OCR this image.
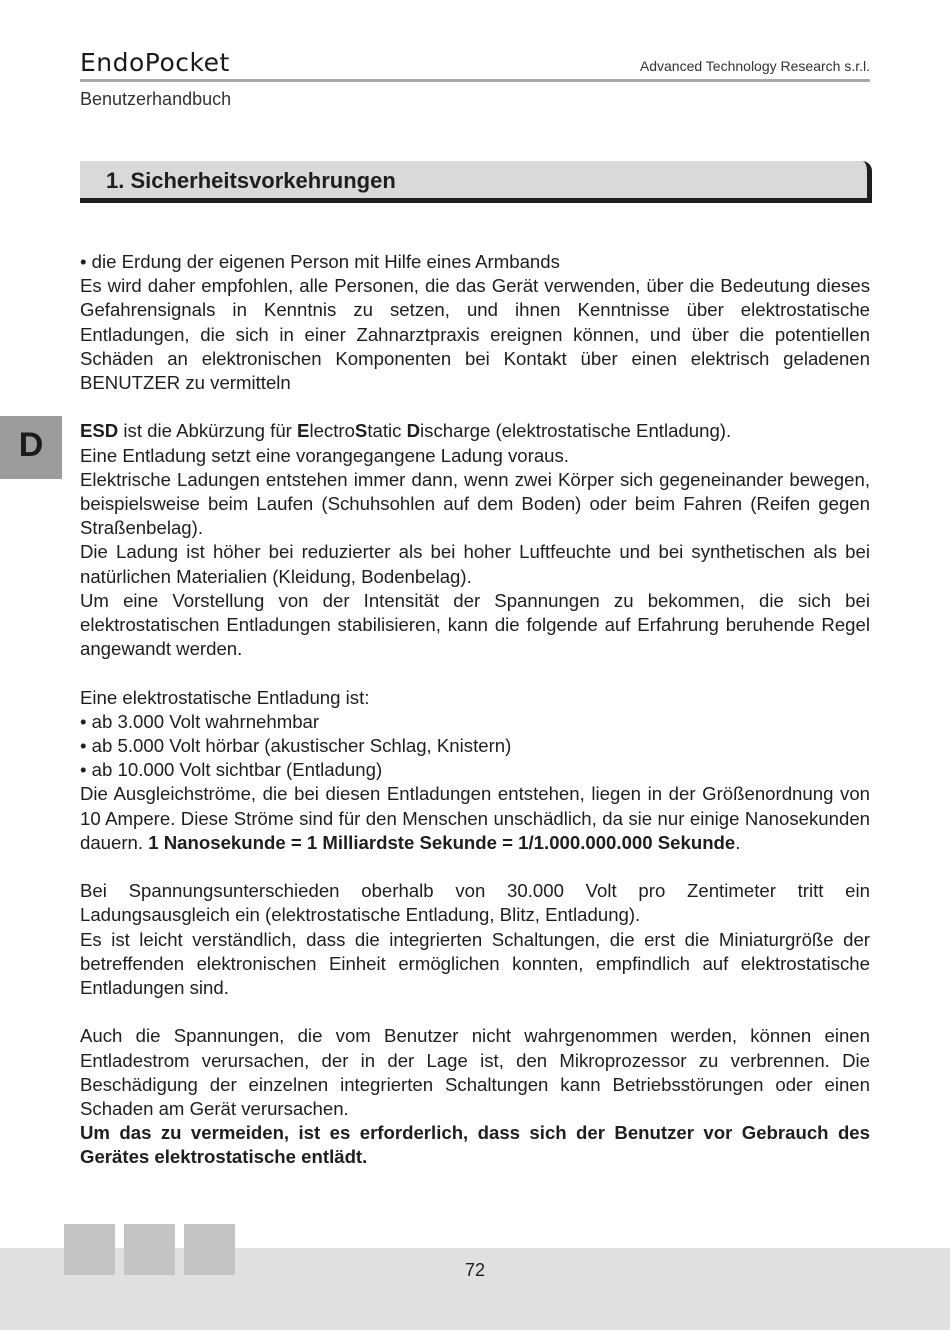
EndoPocket	Advanced Technology Research s.r.l.
Benutzerhandbuch
1. Sicherheitsvorkehrungen
D

• die Erdung der eigenen Person mit Hilfe eines Armbands

Es wird daher empfohlen, alle Personen, die das Gerät verwenden, über die Bedeutung dieses Gefahrensignals in Kenntnis zu setzen, und ihnen Kenntnisse über elektrostatische Entladungen, die sich in einer Zahnarztpraxis ereignen können, und über die potentiellen Schäden an elektronischen Komponenten bei Kontakt über einen elektrisch geladenen BENUTZER zu vermitteln

ESD ist die Abkürzung für ElectroStatic Discharge (elektrostatische Entladung).

Eine Entladung setzt eine vorangegangene Ladung voraus.

Elektrische Ladungen entstehen immer dann, wenn zwei Körper sich gegeneinander bewegen, beispielsweise beim Laufen (Schuhsohlen auf dem Boden) oder beim Fahren (Reifen gegen Straßenbelag).

Die Ladung ist höher bei reduzierter als bei hoher Luftfeuchte und bei synthetischen als bei natürlichen Materialien (Kleidung, Bodenbelag).

Um eine Vorstellung von der Intensität der Spannungen zu bekommen, die sich bei elektrostatischen Entladungen stabilisieren, kann die folgende auf Erfahrung beruhende Regel angewandt werden.

Eine elektrostatische Entladung ist:

• ab 3.000 Volt wahrnehmbar

• ab 5.000 Volt hörbar (akustischer Schlag, Knistern)

• ab 10.000 Volt sichtbar (Entladung)

Die Ausgleichströme, die bei diesen Entladungen entstehen, liegen in der Größenordnung von 10 Ampere. Diese Ströme sind für den Menschen unschädlich, da sie nur einige Nanosekunden dauern. 1 Nanosekunde = 1 Milliardste Sekunde = 1/1.000.000.000 Sekunde.

Bei Spannungsunterschieden oberhalb von 30.000 Volt pro Zentimeter tritt ein Ladungsausgleich ein (elektrostatische Entladung, Blitz, Entladung).

Es ist leicht verständlich, dass die integrierten Schaltungen, die erst die Miniaturgröße der betreffenden elektronischen Einheit ermöglichen konnten, empfindlich auf elektrostatische Entladungen sind.

Auch die Spannungen, die vom Benutzer nicht wahrgenommen werden, können einen Entladestrom verursachen, der in der Lage ist, den Mikroprozessor zu verbrennen. Die Beschädigung der einzelnen integrierten Schaltungen kann Betriebsstörungen oder einen Schaden am Gerät verursachen.

Um das zu vermeiden, ist es erforderlich, dass sich der Benutzer vor Gebrauch des Gerätes elektrostatische entlädt.

72
